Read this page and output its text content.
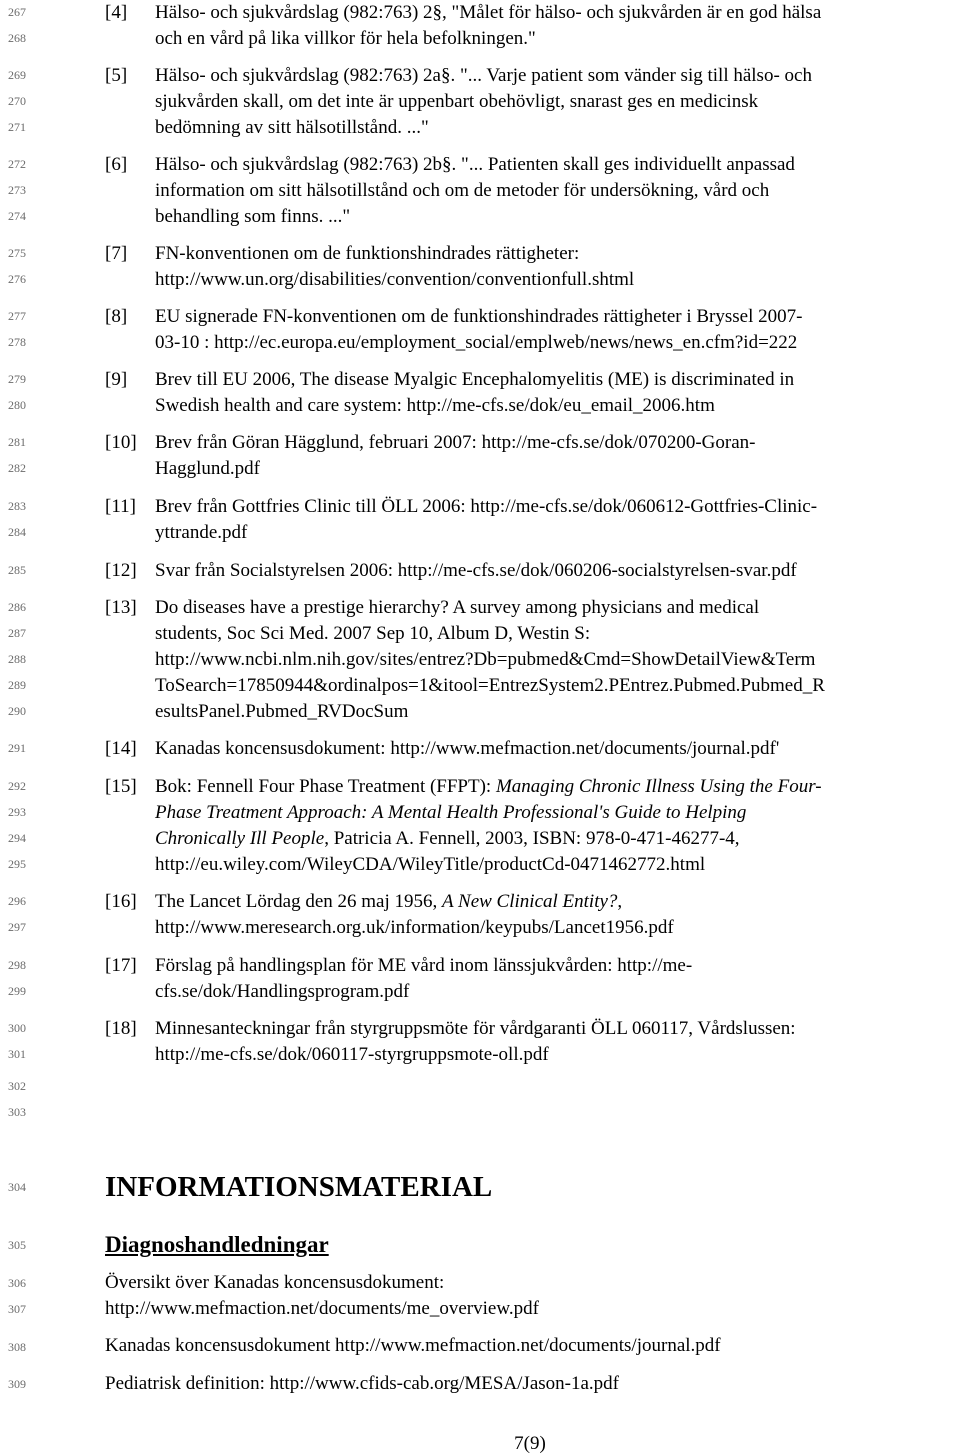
267
268
269
270
271
272
273
274
275
276
277
278
279
280
281
282
283
284
285
286
287
288
289
290
291
292
293
294
295
296
297
298
299
300
301
302
303
304
305
306
307
308
309
[4] Hälso- och sjukvårdslag (982:763) 2§, "Målet för hälso- och sjukvården är en god hälsa
och en vård på lika villkor för hela befolkningen."
[5] Hälso- och sjukvårdslag (982:763) 2a§. "... Varje patient som vänder sig till hälso- och
sjukvården skall, om det inte är uppenbart obehövligt, snarast ges en medicinsk
bedömning av sitt hälsotillstånd. ..."
[6] Hälso- och sjukvårdslag (982:763) 2b§. "... Patienten skall ges individuellt anpassad
information om sitt hälsotillstånd och om de metoder för undersökning, vård och
behandling som finns. ..."
[7] FN-konventionen om de funktionshindrades rättigheter:
http://www.un.org/disabilities/convention/conventionfull.shtml
[8] EU signerade FN-konventionen om de funktionshindrades rättigheter i Bryssel 2007-
03-10 : http://ec.europa.eu/employment_social/emplweb/news/news_en.cfm?id=222
[9] Brev till EU 2006, The disease Myalgic Encephalomyelitis (ME) is discriminated in
Swedish health and care system: http://me-cfs.se/dok/eu_email_2006.htm
[10] Brev från Göran Hägglund, februari 2007: http://me-cfs.se/dok/070200-Goran-
Hagglund.pdf
[11] Brev från Gottfries Clinic till ÖLL 2006: http://me-cfs.se/dok/060612-Gottfries-Clinic-
yttrande.pdf
[12] Svar från Socialstyrelsen 2006: http://me-cfs.se/dok/060206-socialstyrelsen-svar.pdf
[13] Do diseases have a prestige hierarchy? A survey among physicians and medical
students, Soc Sci Med. 2007 Sep 10, Album D, Westin S:
http://www.ncbi.nlm.nih.gov/sites/entrez?Db=pubmed&Cmd=ShowDetailView&Term
ToSearch=17850944&ordinalpos=1&itool=EntrezSystem2.PEntrez.Pubmed.Pubmed_R
esultsPanel.Pubmed_RVDocSum
[14] Kanadas koncensusdokument: http://www.mefmaction.net/documents/journal.pdf'
[15] Bok: Fennell Four Phase Treatment (FFPT): Managing Chronic Illness Using the Four-
Phase Treatment Approach: A Mental Health Professional's Guide to Helping
Chronically Ill People, Patricia A. Fennell, 2003, ISBN: 978-0-471-46277-4,
http://eu.wiley.com/WileyCDA/WileyTitle/productCd-0471462772.html
[16] The Lancet Lördag den 26 maj 1956, A New Clinical Entity?,
http://www.meresearch.org.uk/information/keypubs/Lancet1956.pdf
[17] Förslag på handlingsplan för ME vård inom länssjukvården: http://me-
cfs.se/dok/Handlingsprogram.pdf
[18] Minnesanteckningar från styrgruppsmöte för vårdgaranti ÖLL 060117, Vårdslussen:
http://me-cfs.se/dok/060117-styrgruppsmote-oll.pdf
INFORMATIONSMATERIAL
Diagnoshandledningar
Översikt över Kanadas koncensusdokument:
http://www.mefmaction.net/documents/me_overview.pdf
Kanadas koncensusdokument http://www.mefmaction.net/documents/journal.pdf
Pediatrisk definition: http://www.cfids-cab.org/MESA/Jason-1a.pdf
7(9)
